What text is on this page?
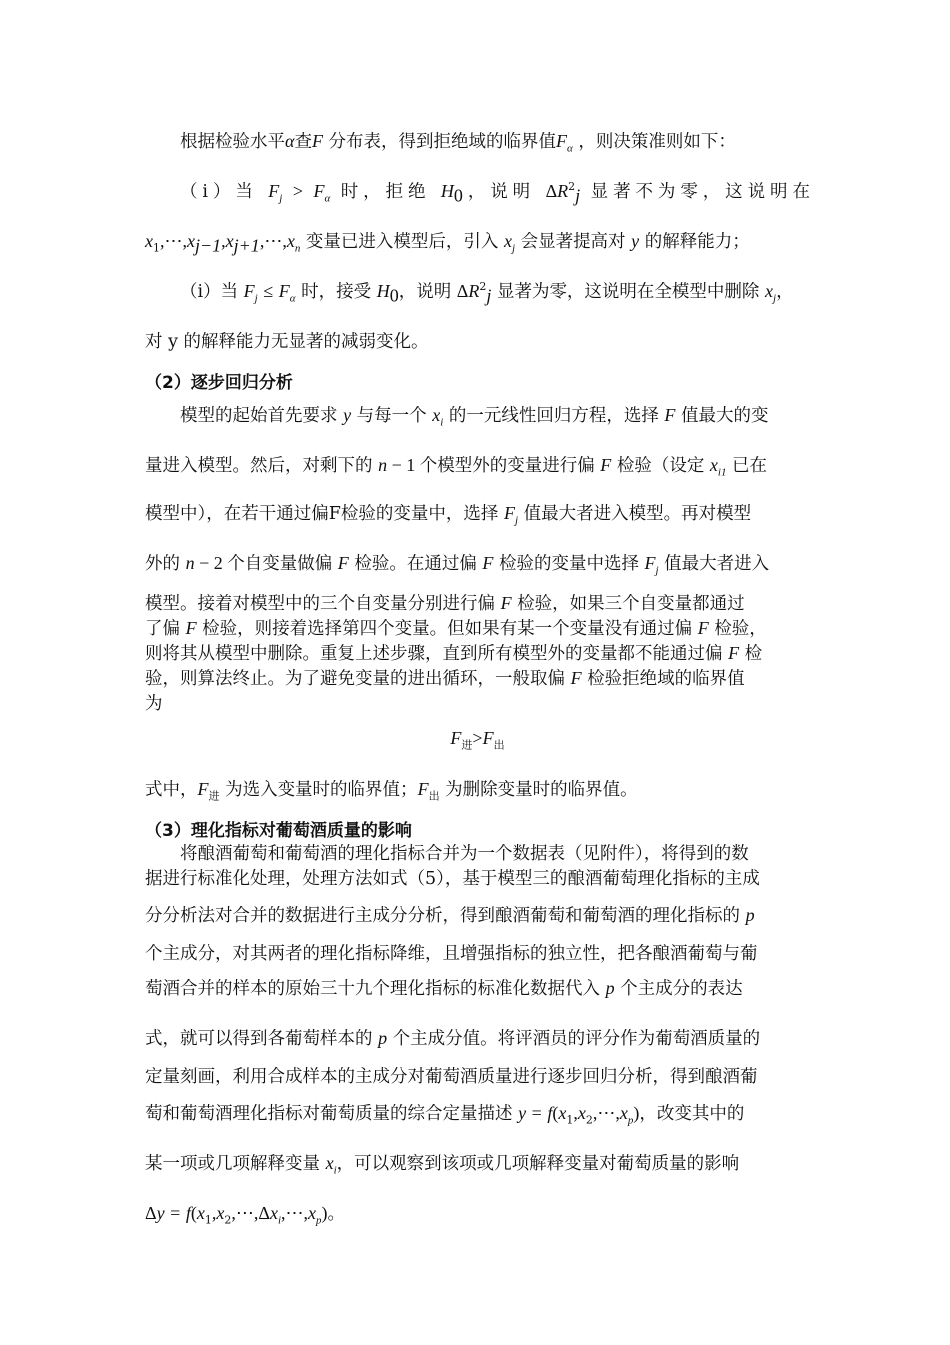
根据检验水平α查F 分布表，得到拒绝域的临界值$F_\alpha$ ，则决策准则如下：
（ⅰ）当 $F_j > F_\alpha$ 时，拒绝 $H_0$，说明 $\Delta R^2_j$ 显著不为零，这说明在
$x_1,\cdots,x_{j-1},x_{j+1},\cdots,x_n$ 变量已进入模型后，引入 $x_j$ 会显著提高对 y 的解释能力；
（ⅰ）当 $F_j \le F_\alpha$ 时，接受 $H_0$，说明 $\Delta R^2_j$ 显著为零，这说明在全模型中删除 $x_j$，
对 y 的解释能力无显著的减弱变化。
（2）逐步回归分析
模型的起始首先要求 y 与每一个 $x_i$ 的一元线性回归方程，选择 F 值最大的变
量进入模型。然后，对剩下的 n − 1 个模型外的变量进行偏 F 检验（设定 $x_{i1}$ 已在
模型中），在若干通过偏F检验的变量中，选择 $F_j$ 值最大者进入模型。再对模型
外的 n − 2 个自变量做偏 F 检验。在通过偏 F 检验的变量中选择 $F_j$ 值最大者进入
模型。接着对模型中的三个自变量分别进行偏 F 检验，如果三个自变量都通过
了偏 F 检验，则接着选择第四个变量。但如果有某一个变量没有通过偏 F 检验，
则将其从模型中删除。重复上述步骤，直到所有模型外的变量都不能通过偏 F 检
验，则算法终止。为了避免变量的进出循环，一般取偏 F 检验拒绝域的临界值
为
$F_进>F_出$
式中，$F_进$ 为选入变量时的临界值；$F_出$ 为删除变量时的临界值。
（3）理化指标对葡萄酒质量的影响
将酿酒葡萄和葡萄酒的理化指标合并为一个数据表（见附件），将得到的数
据进行标准化处理，处理方法如式（5），基于模型三的酿酒葡萄理化指标的主成
分分析法对合并的数据进行主成分分析，得到酿酒葡萄和葡萄酒的理化指标的 p
个主成分，对其两者的理化指标降维，且增强指标的独立性，把各酿酒葡萄与葡
萄酒合并的样本的原始三十九个理化指标的标准化数据代入 p 个主成分的表达
式，就可以得到各葡萄样本的 p 个主成分值。将评酒员的评分作为葡萄酒质量的
定量刻画，利用合成样本的主成分对葡萄酒质量进行逐步回归分析，得到酿酒葡
萄和葡萄酒理化指标对葡萄质量的综合定量描述 $y = f(x_1,x_2,\cdots,x_p)$，改变其中的
某一项或几项解释变量 $x_i$，可以观察到该项或几项解释变量对葡萄质量的影响
$\Delta y = f(x_1,x_2,\cdots,\Delta x_i,\cdots,x_p)$。
